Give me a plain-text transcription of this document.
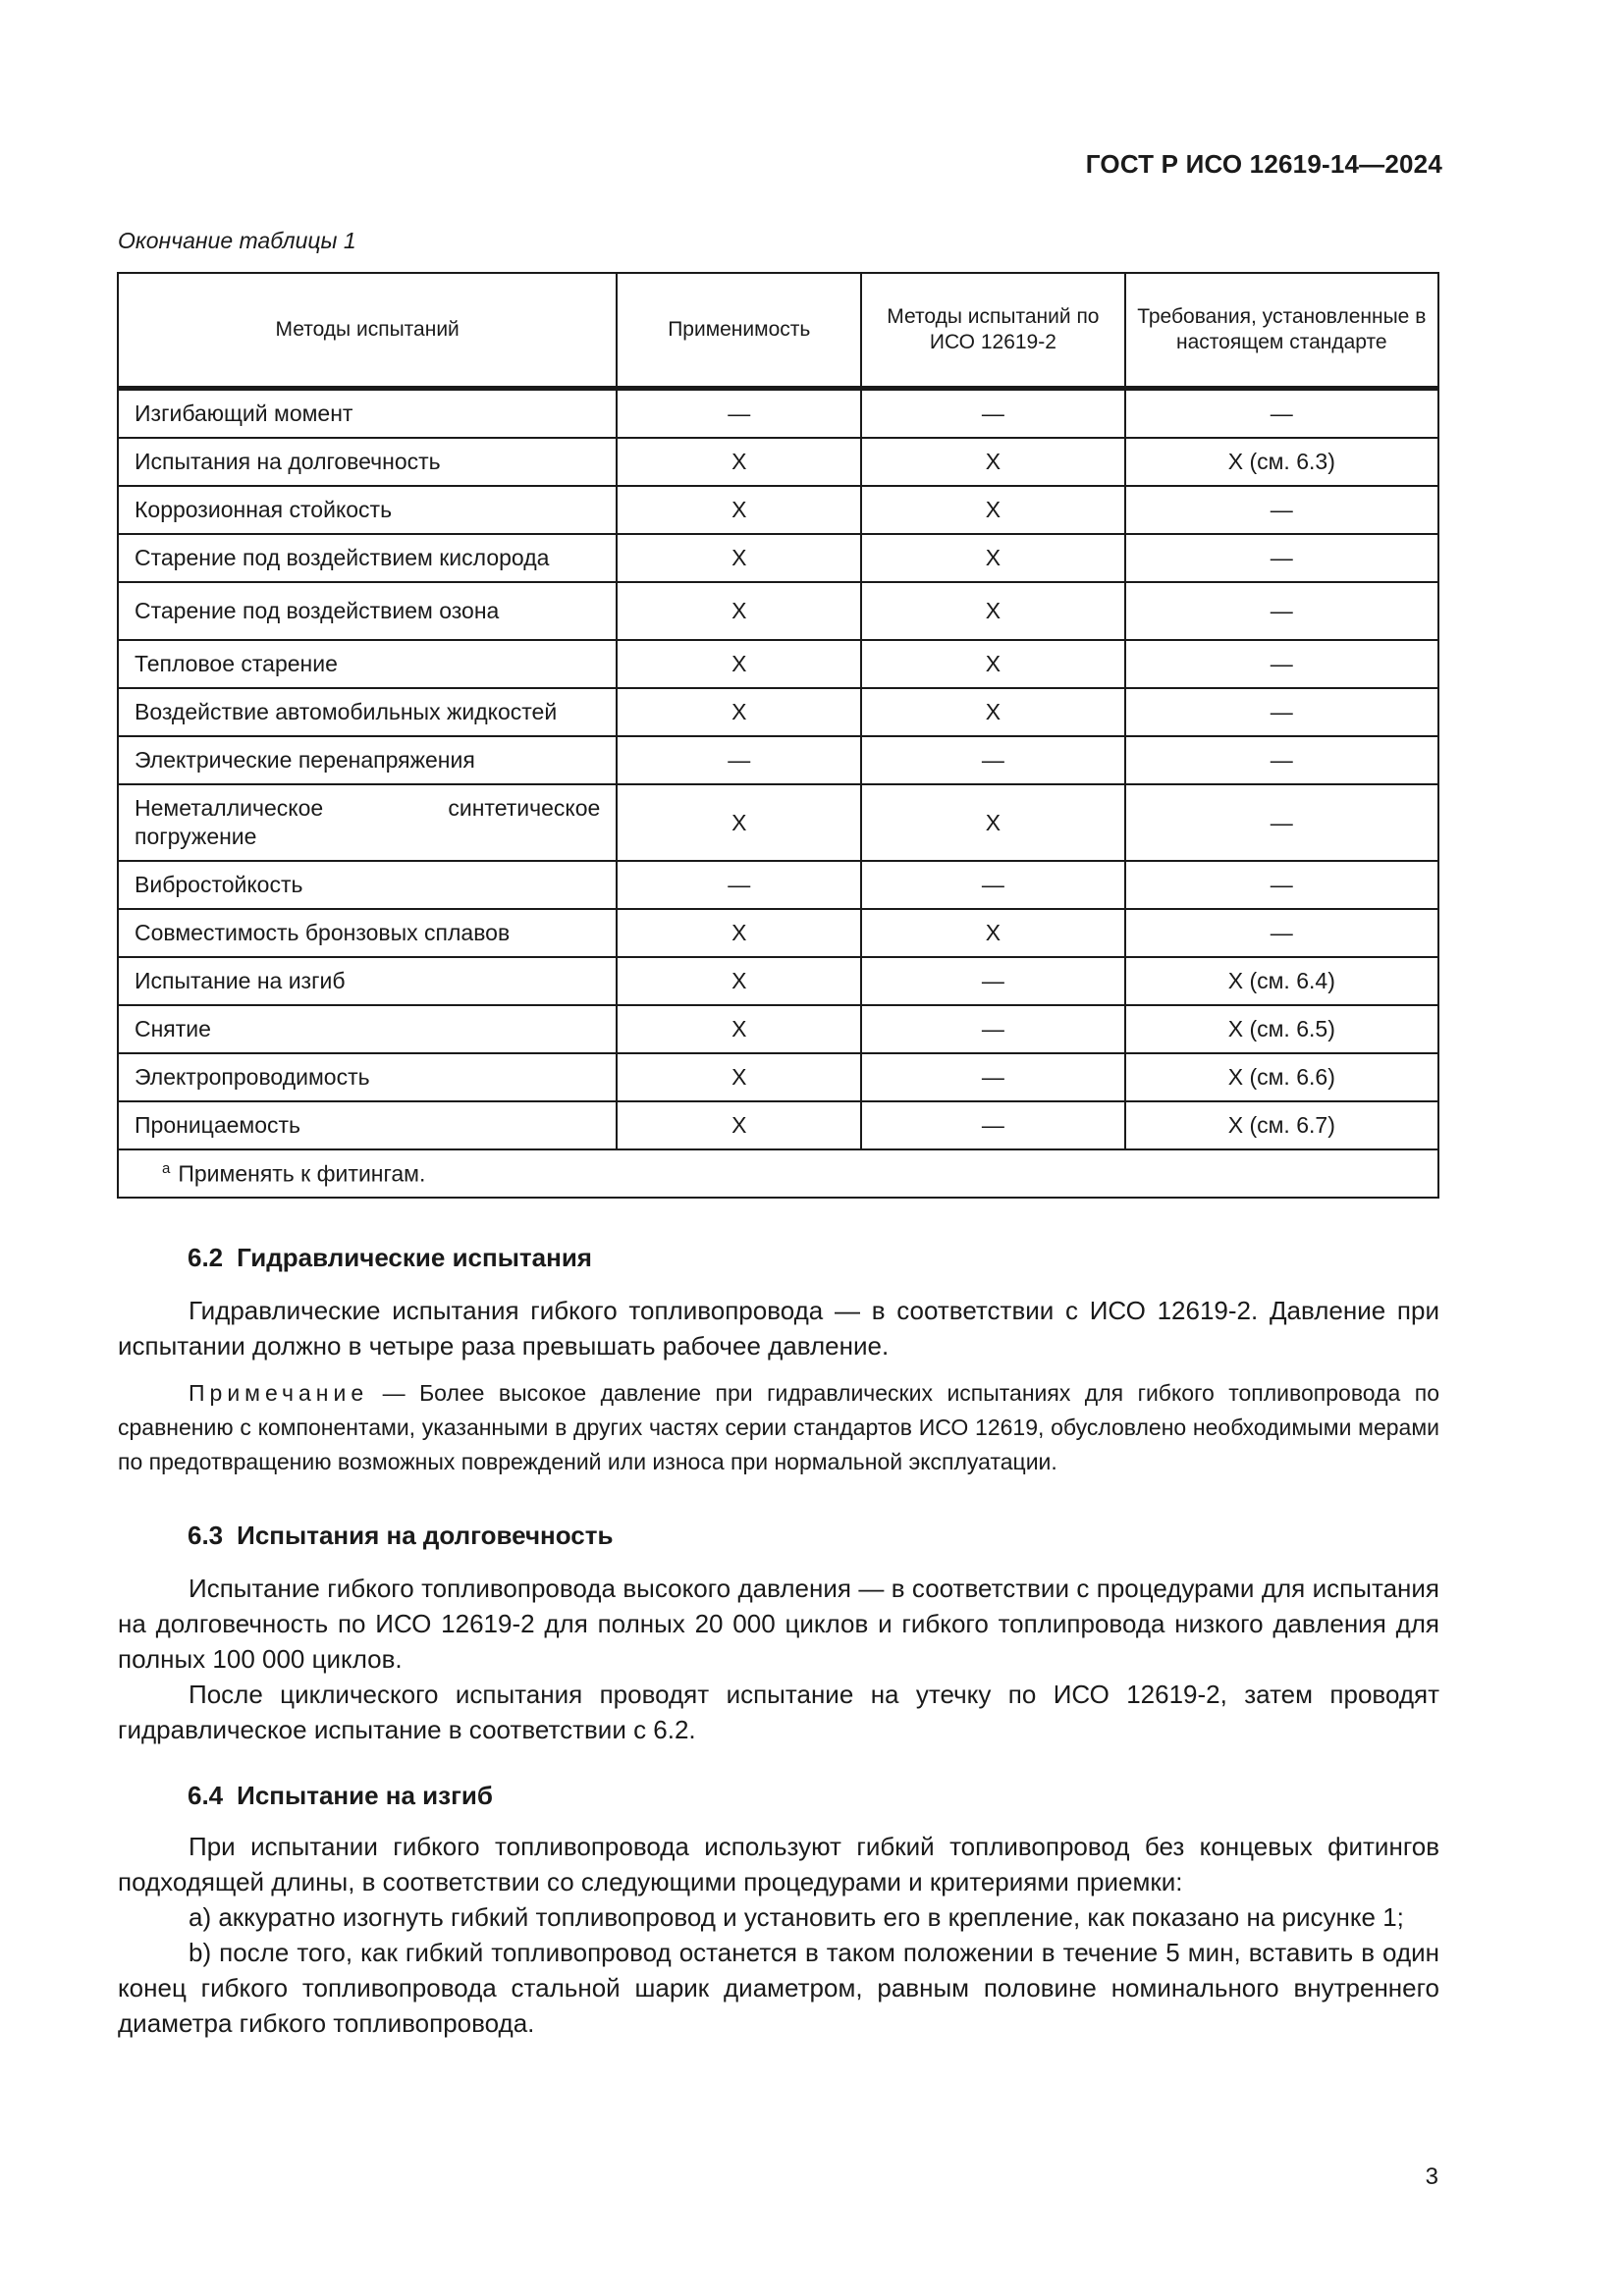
ГОСТ Р ИСО 12619-14—2024
Окончание таблицы 1
Методы испытаний	Применимость	Методы испытаний по ИСО 12619-2	Требования, установленные в настоящем стандарте
Изгибающий момент	—	—	—
Испытания на долговечность	X	X	X (см. 6.3)
Коррозионная стойкость	X	X	—
Старение под воздействием кислорода	X	X	—
Старение под воздействием озона	X	X	—
Тепловое старение	X	X	—
Воздействие автомобильных жидкостей	X	X	—
Электрические перенапряжения	—	—	—
Неметаллическое синтетическое погружение	X	X	—
Вибростойкость	—	—	—
Совместимость бронзовых сплавов	X	X	—
Испытание на изгиб	X	—	X (см. 6.4)
Снятие	X	—	X (см. 6.5)
Электропроводимость	X	—	X (см. 6.6)
Проницаемость	X	—	X (см. 6.7)
$^a$ Применять к фитингам.			
6.2 Гидравлические испытания

Гидравлические испытания гибкого топливопровода — в соответствии с ИСО 12619-2. Давление при испытании должно в четыре раза превышать рабочее давление.

Примечание — Более высокое давление при гидравлических испытаниях для гибкого топливопровода по сравнению с компонентами, указанными в других частях серии стандартов ИСО 12619, обусловлено необходимыми мерами по предотвращению возможных повреждений или износа при нормальной эксплуатации.

6.3 Испытания на долговечность

Испытание гибкого топливопровода высокого давления — в соответствии с процедурами для испытания на долговечность по ИСО 12619-2 для полных 20 000 циклов и гибкого топлипровода низкого давления для полных 100 000 циклов.

После циклического испытания проводят испытание на утечку по ИСО 12619-2, затем проводят гидравлическое испытание в соответствии с 6.2.

6.4 Испытание на изгиб

При испытании гибкого топливопровода используют гибкий топливопровод без концевых фитингов подходящей длины, в соответствии со следующими процедурами и критериями приемки:

а) аккуратно изогнуть гибкий топливопровод и установить его в крепление, как показано на рисунке 1;

b) после того, как гибкий топливопровод останется в таком положении в течение 5 мин, вставить в один конец гибкого топливопровода стальной шарик диаметром, равным половине номинального внутреннего диаметра гибкого топливопровода.

3
